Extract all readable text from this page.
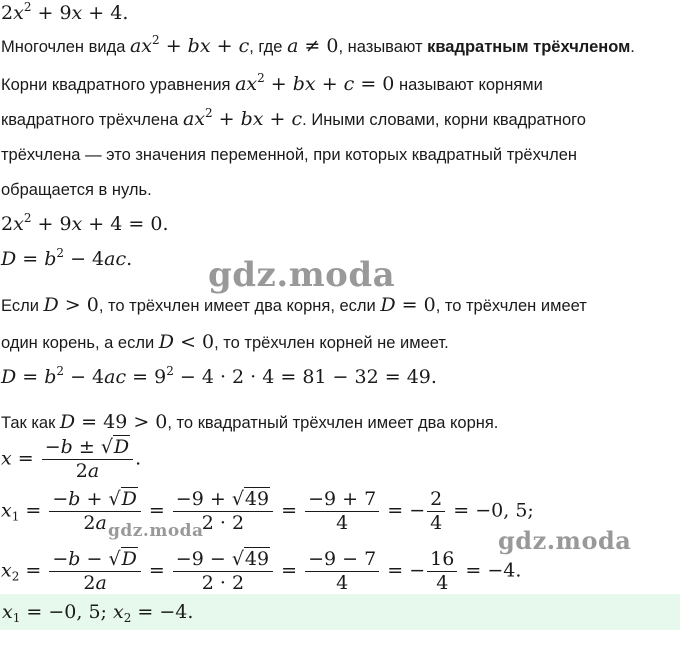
$2x^2 + 9x + 4$.
Многочлен вида $ax^2$ + bx + c, где a ≠ 0, называют квадратным трёхчленом.
Корни квадратного уравнения $ax^2$ + bx + c = 0 называют корнями
квадратного трёхчлена $ax^2$ + bx + c. Иными словами, корни квадратного
трёхчлена — это значения переменной, при которых квадратный трёхчлен
обращается в нуль.
$2x^2 + 9x + 4 = 0$.
$D = b^2 - 4ac$.
Если D > 0, то трёхчлен имеет два корня, если D = 0, то трёхчлен имеет
один корень, а если D < 0, то трёхчлен корней не имеет.
$D = b^2 - 4ac = 9^2 - 4 \cdot 2 \cdot 4 = 81 - 32 = 49$.
Так как D = 49 > 0, то квадратный трёхчлен имеет два корня.
$x = \frac{-b \pm √D}{2a}$ .
$x_1 = \frac{-b + √D}{2a} = \frac{-9 + √49}{2 \cdot 2} = \frac{-9 + 7}{4}$ = − $\frac{2}{4} = -0$, 5;
$x_2 = \frac{-b - √D}{2a} = \frac{-9 - √49}{2 \cdot 2} = \frac{-9 - 7}{4}$ = − $\frac{16}{4} = -4$.
$x_1 = -0$, 5; $x_2 = -4$.
gdz.moda
gdz.moda	gdz.moda
